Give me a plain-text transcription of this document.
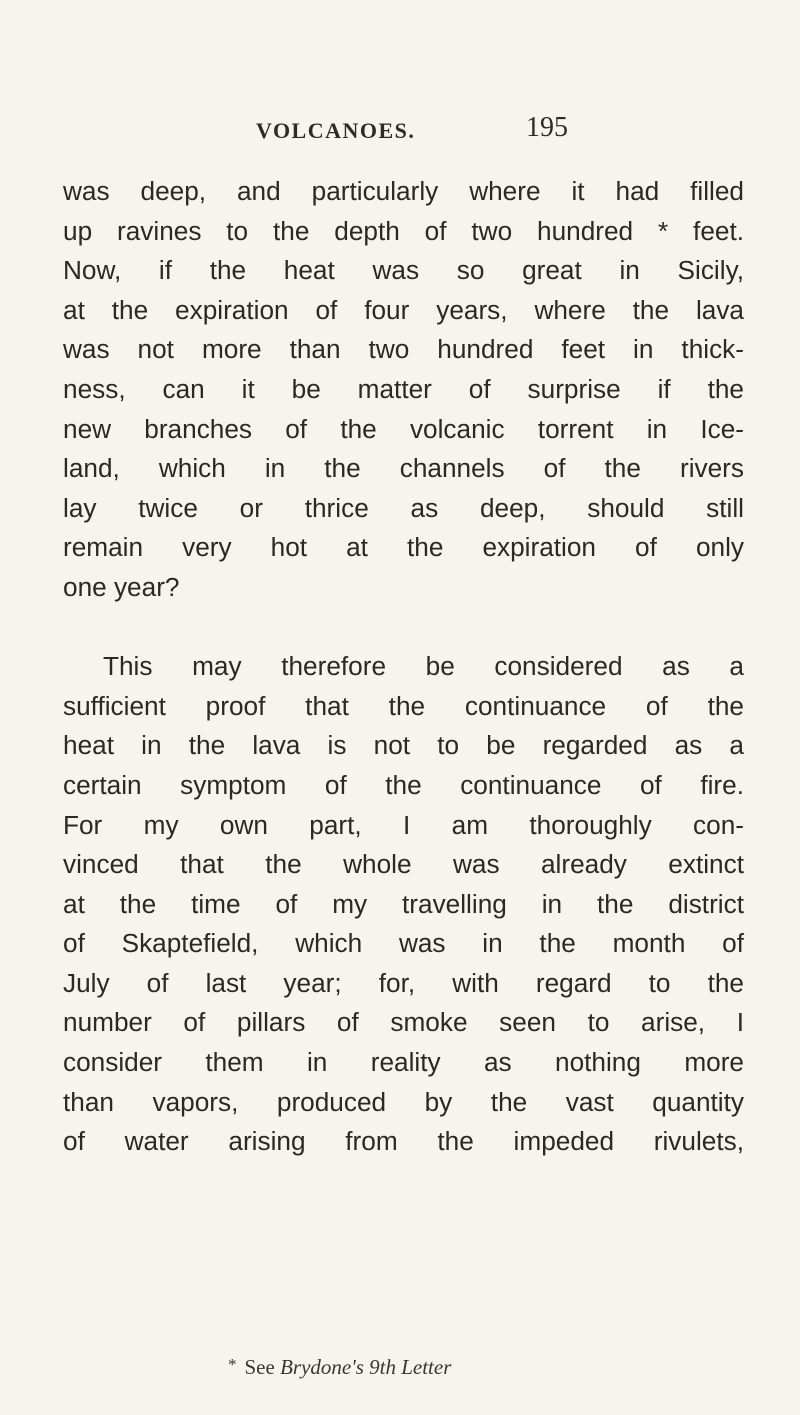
VOLCANOES.	195
was deep, and particularly where it had filled
up ravines to the depth of two hundred * feet.
Now, if the heat was so great in Sicily,
at the expiration of four years, where the lava
was not more than two hundred feet in thick-
ness, can it be matter of surprise if the
new branches of the volcanic torrent in Ice-
land, which in the channels of the rivers
lay twice or thrice as deep, should still
remain very hot at the expiration of only
one year?
This may therefore be considered as a
sufficient proof that the continuance of the
heat in the lava is not to be regarded as a
certain symptom of the continuance of fire.
For my own part, I am thoroughly con-
vinced that the whole was already extinct
at the time of my travelling in the district
of Skaptefield, which was in the month of
July of last year; for, with regard to the
number of pillars of smoke seen to arise, I
consider them in reality as nothing more
than vapors, produced by the vast quantity
of water arising from the impeded rivulets,
* See Brydone's 9th Letter
